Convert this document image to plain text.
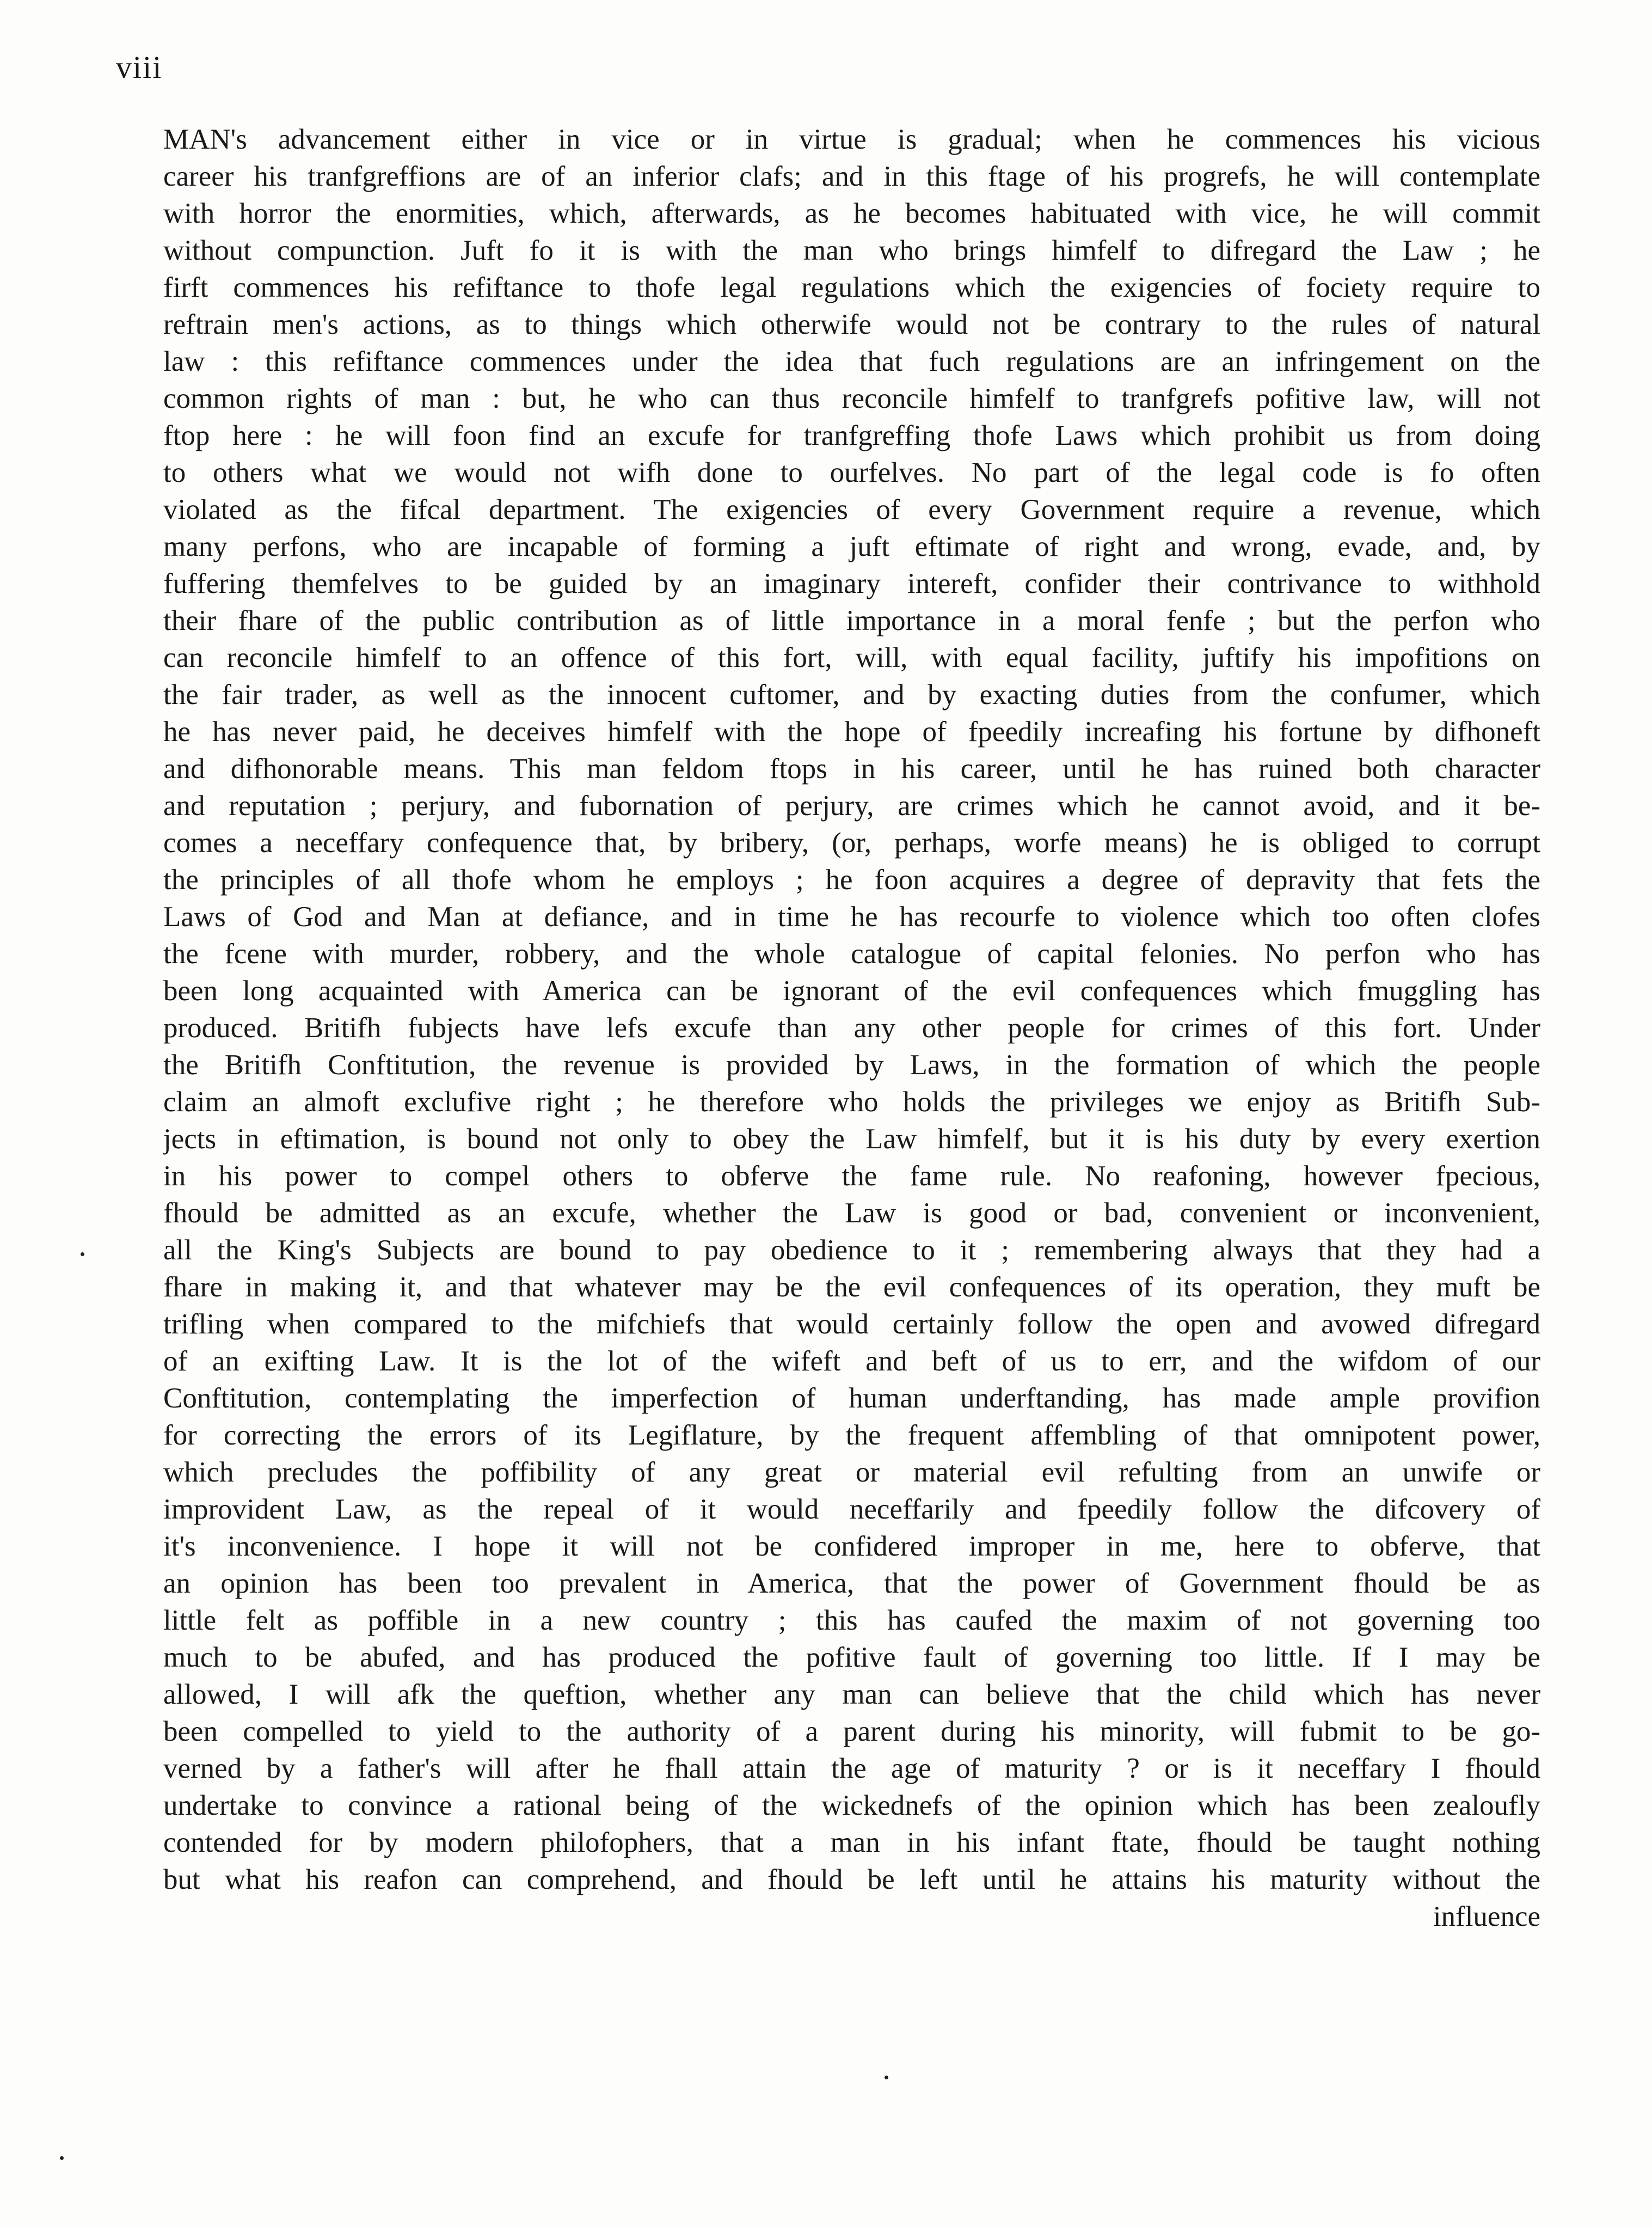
viii
MAN's advancement either in vice or in virtue is gradual; when he commences his vicious
career his tranfgreffions are of an inferior clafs; and in this ftage of his progrefs, he will contemplate
with horror the enormities, which, afterwards, as he becomes habituated with vice, he will commit
without compunction. Juft fo it is with the man who brings himfelf to difregard the Law ; he
firft commences his refiftance to thofe legal regulations which the exigencies of fociety require to
reftrain men's actions, as to things which otherwife would not be contrary to the rules of natural
law : this refiftance commences under the idea that fuch regulations are an infringement on the
common rights of man : but, he who can thus reconcile himfelf to tranfgrefs pofitive law, will not
ftop here : he will foon find an excufe for tranfgreffing thofe Laws which prohibit us from doing
to others what we would not wifh done to ourfelves. No part of the legal code is fo often
violated as the fifcal department. The exigencies of every Government require a revenue, which
many perfons, who are incapable of forming a juft eftimate of right and wrong, evade, and, by
fuffering themfelves to be guided by an imaginary intereft, confider their contrivance to withhold
their fhare of the public contribution as of little importance in a moral fenfe ; but the perfon who
can reconcile himfelf to an offence of this fort, will, with equal facility, juftify his impofitions on
the fair trader, as well as the innocent cuftomer, and by exacting duties from the confumer, which
he has never paid, he deceives himfelf with the hope of fpeedily increafing his fortune by difhoneft
and difhonorable means. This man feldom ftops in his career, until he has ruined both character
and reputation ; perjury, and fubornation of perjury, are crimes which he cannot avoid, and it be-
comes a neceffary confequence that, by bribery, (or, perhaps, worfe means) he is obliged to corrupt
the principles of all thofe whom he employs ; he foon acquires a degree of depravity that fets the
Laws of God and Man at defiance, and in time he has recourfe to violence which too often clofes
the fcene with murder, robbery, and the whole catalogue of capital felonies. No perfon who has
been long acquainted with America can be ignorant of the evil confequences which fmuggling has
produced. Britifh fubjects have lefs excufe than any other people for crimes of this fort. Under
the Britifh Conftitution, the revenue is provided by Laws, in the formation of which the people
claim an almoft exclufive right ; he therefore who holds the privileges we enjoy as Britifh Sub-
jects in eftimation, is bound not only to obey the Law himfelf, but it is his duty by every exertion
in his power to compel others to obferve the fame rule. No reafoning, however fpecious,
fhould be admitted as an excufe, whether the Law is good or bad, convenient or inconvenient,
all the King's Subjects are bound to pay obedience to it ; remembering always that they had a
fhare in making it, and that whatever may be the evil confequences of its operation, they muft be
trifling when compared to the mifchiefs that would certainly follow the open and avowed difregard
of an exifting Law. It is the lot of the wifeft and beft of us to err, and the wifdom of our
Conftitution, contemplating the imperfection of human underftanding, has made ample provifion
for correcting the errors of its Legiflature, by the frequent affembling of that omnipotent power,
which precludes the poffibility of any great or material evil refulting from an unwife or
improvident Law, as the repeal of it would neceffarily and fpeedily follow the difcovery of
it's inconvenience. I hope it will not be confidered improper in me, here to obferve, that
an opinion has been too prevalent in America, that the power of Government fhould be as
little felt as poffible in a new country ; this has caufed the maxim of not governing too
much to be abufed, and has produced the pofitive fault of governing too little. If I may be
allowed, I will afk the queftion, whether any man can believe that the child which has never
been compelled to yield to the authority of a parent during his minority, will fubmit to be go-
verned by a father's will after he fhall attain the age of maturity ? or is it neceffary I fhould
undertake to convince a rational being of the wickednefs of the opinion which has been zealoufly
contended for by modern philofophers, that a man in his infant ftate, fhould be taught nothing
but what his reafon can comprehend, and fhould be left until he attains his maturity without the
influence
